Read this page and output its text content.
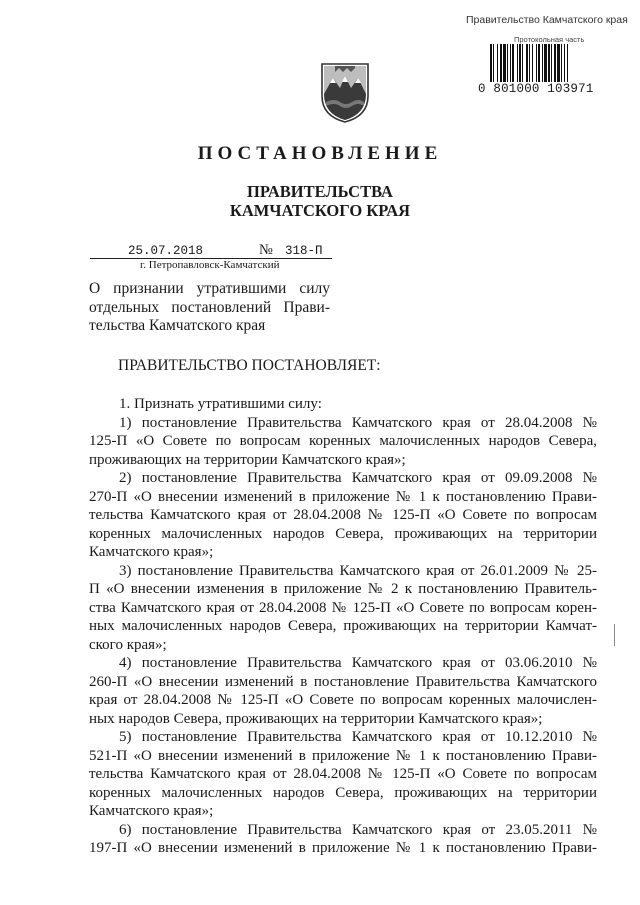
Правительство Камчатского края
Протокольная часть
0 801000 103971
ПОСТАНОВЛЕНИЕ
ПРАВИТЕЛЬСТВА
КАМЧАТСКОГО КРАЯ
25.07.2018	№ 318-П
г. Петропавловск-Камчатский
О признании утратившими силу
отдельных постановлений Прави-
тельства Камчатского края
ПРАВИТЕЛЬСТВО ПОСТАНОВЛЯЕТ:
1. Признать утратившими силу:
1) постановление Правительства Камчатского края от 28.04.2008 №
125-П «О Совете по вопросам коренных малочисленных народов Севера,
проживающих на территории Камчатского края»;
2) постановление Правительства Камчатского края от 09.09.2008 №
270-П «О внесении изменений в приложение № 1 к постановлению Прави-
тельства Камчатского края от 28.04.2008 № 125-П «О Совете по вопросам
коренных малочисленных народов Севера, проживающих на территории
Камчатского края»;
3) постановление Правительства Камчатского края от 26.01.2009 № 25-
П «О внесении изменения в приложение № 2 к постановлению Правитель-
ства Камчатского края от 28.04.2008 № 125-П «О Совете по вопросам корен-
ных малочисленных народов Севера, проживающих на территории Камчат-
ского края»;
4) постановление Правительства Камчатского края от 03.06.2010 №
260-П «О внесении изменений в постановление Правительства Камчатского
края от 28.04.2008 № 125-П «О Совете по вопросам коренных малочислен-
ных народов Севера, проживающих на территории Камчатского края»;
5) постановление Правительства Камчатского края от 10.12.2010 №
521-П «О внесении изменений в приложение № 1 к постановлению Прави-
тельства Камчатского края от 28.04.2008 № 125-П «О Совете по вопросам
коренных малочисленных народов Севера, проживающих на территории
Камчатского края»;
6) постановление Правительства Камчатского края от 23.05.2011 №
197-П «О внесении изменений в приложение № 1 к постановлению Прави-
